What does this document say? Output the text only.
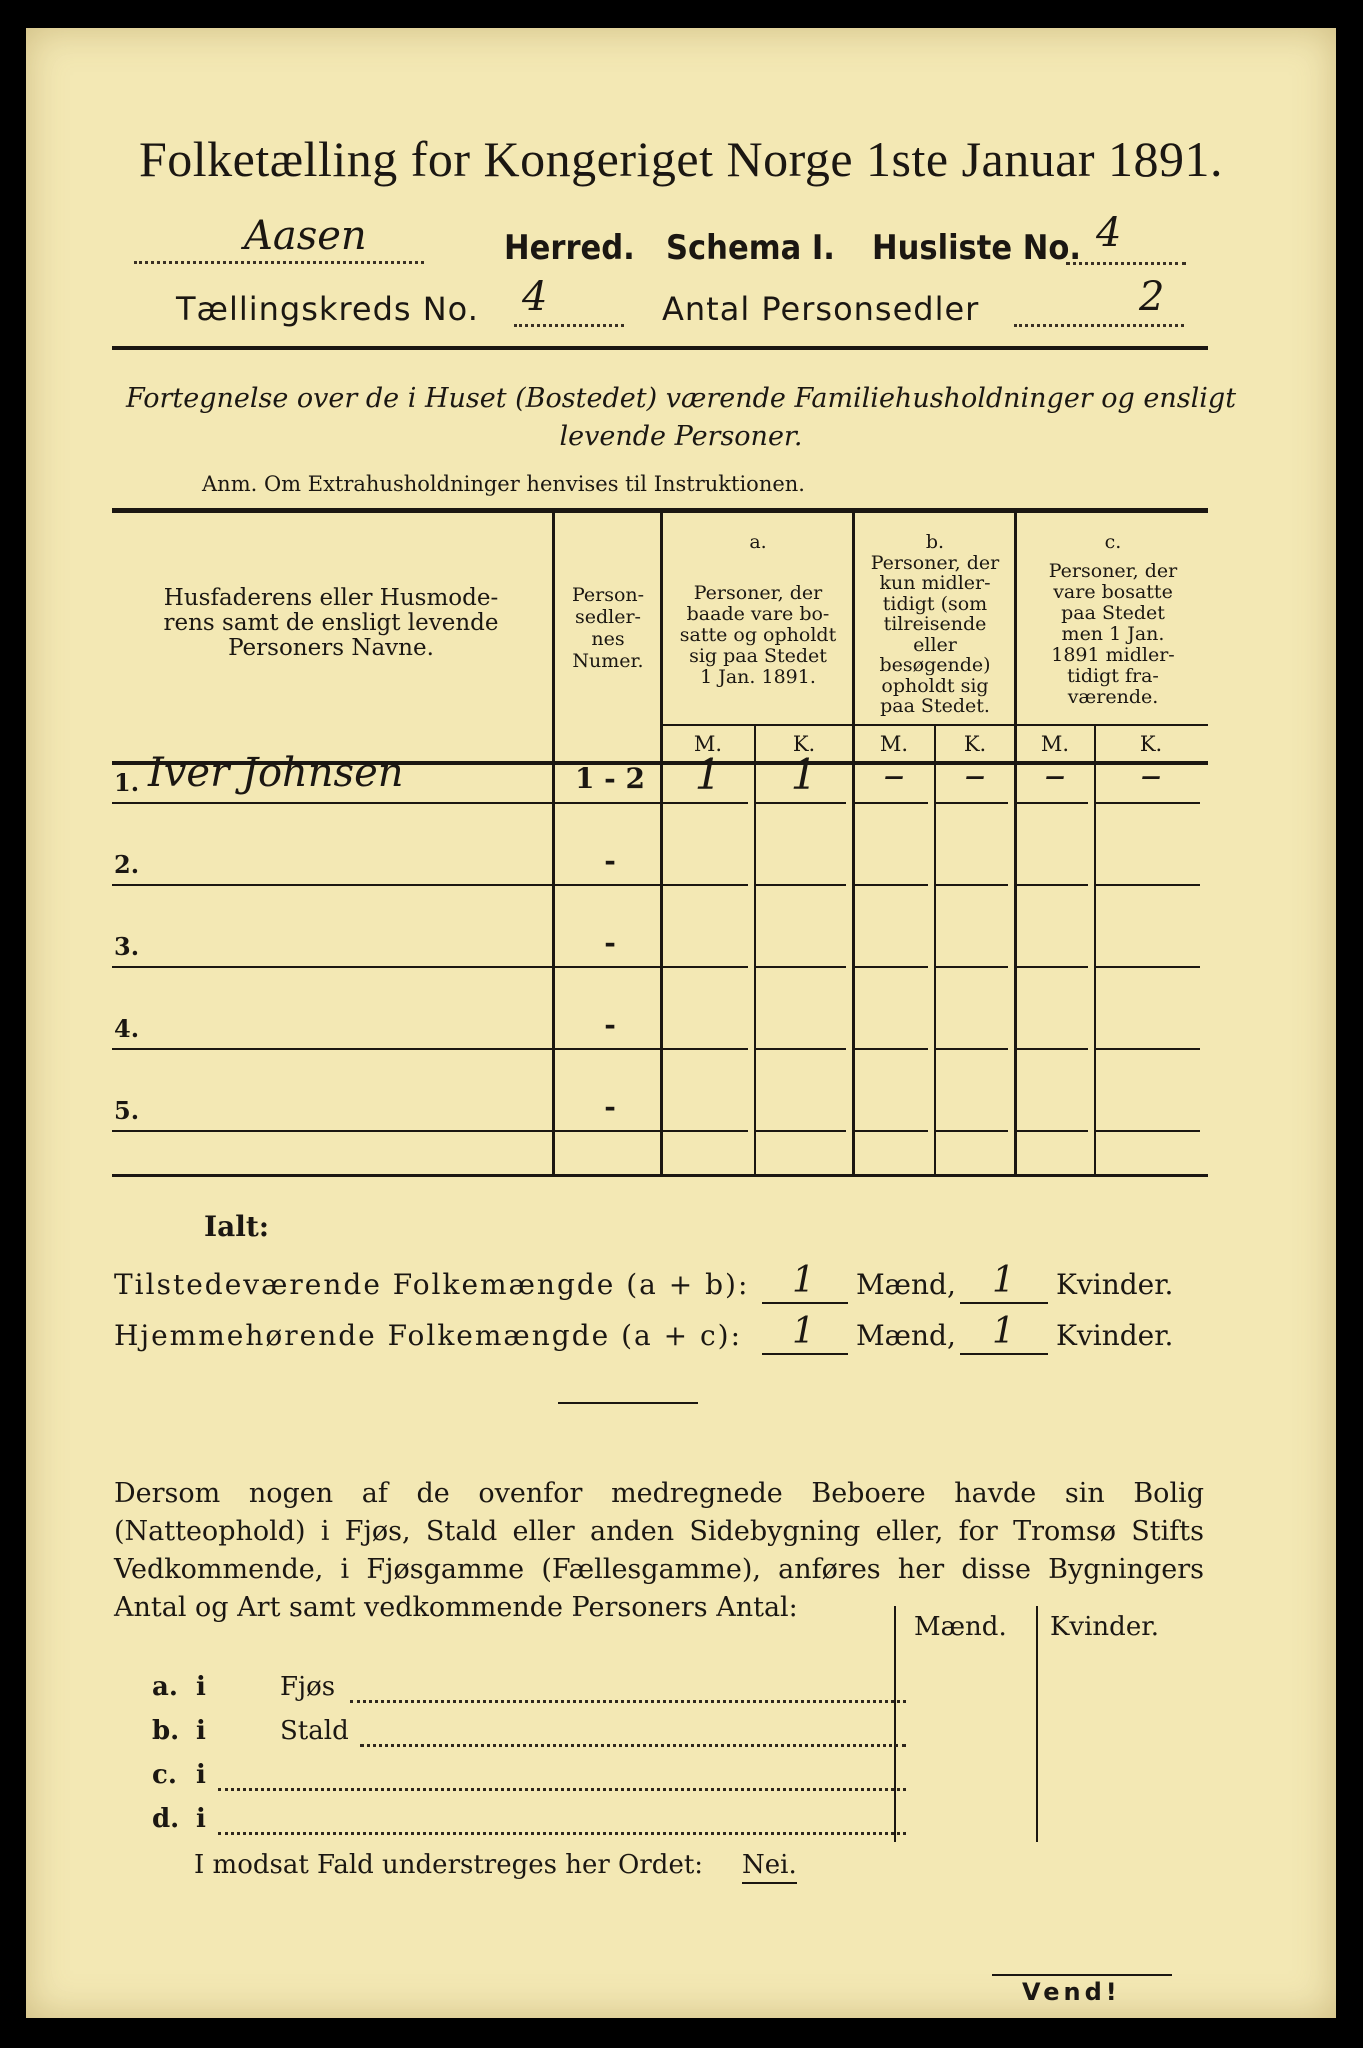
Folketælling for Kongeriget Norge 1ste Januar 1891.
Aasen	Herred. Schema I. Husliste No. 4
Tællingskreds No. 4	Antal Personsedler	2
Fortegnelse over de i Huset (Bostedet) værende Familiehusholdninger og ensligt
levende Personer.
Anm. Om Extrahusholdninger henvises til Instruktionen.
Husfaderens eller Husmode-
rens samt de ensligt levende
Personers Navne.
Person-
sedler-
nes
Numer.
a.
Personer, der
baade vare bo-
satte og opholdt
sig paa Stedet
1 Jan. 1891.
b.
Personer, der
kun midler-
tidigt (som
tilreisende
eller
besøgende)
opholdt sig
paa Stedet.
c.
Personer, der
vare bosatte
paa Stedet
men 1 Jan.
1891 midler-
tidigt fra-
værende.
M.	K.	M.	K.	M.	K.
1. Iver Johnsen	1 - 2	1	1	–	–	–	–
2.	-
3.	-
4.	-
5.	-
Ialt:
Tilstedeværende Folkemængde (a + b): 1 Mænd, 1 Kvinder.
Hjemmehørende Folkemængde (a + c): 1 Mænd, 1 Kvinder.
Dersom nogen af de ovenfor medregnede Beboere havde sin Bolig (Natteophold) i Fjøs, Stald eller anden Sidebygning eller, for Tromsø Stifts Vedkommende, i Fjøsgamme (Fællesgamme), anføres her disse Bygningers Antal og Art samt vedkommende Personers Antal:
Mænd. Kvinder.
a. i	Fjøs
b. i	Stald
c. i
d. i
I modsat Fald understreges her Ordet: Nei.
Vend!
